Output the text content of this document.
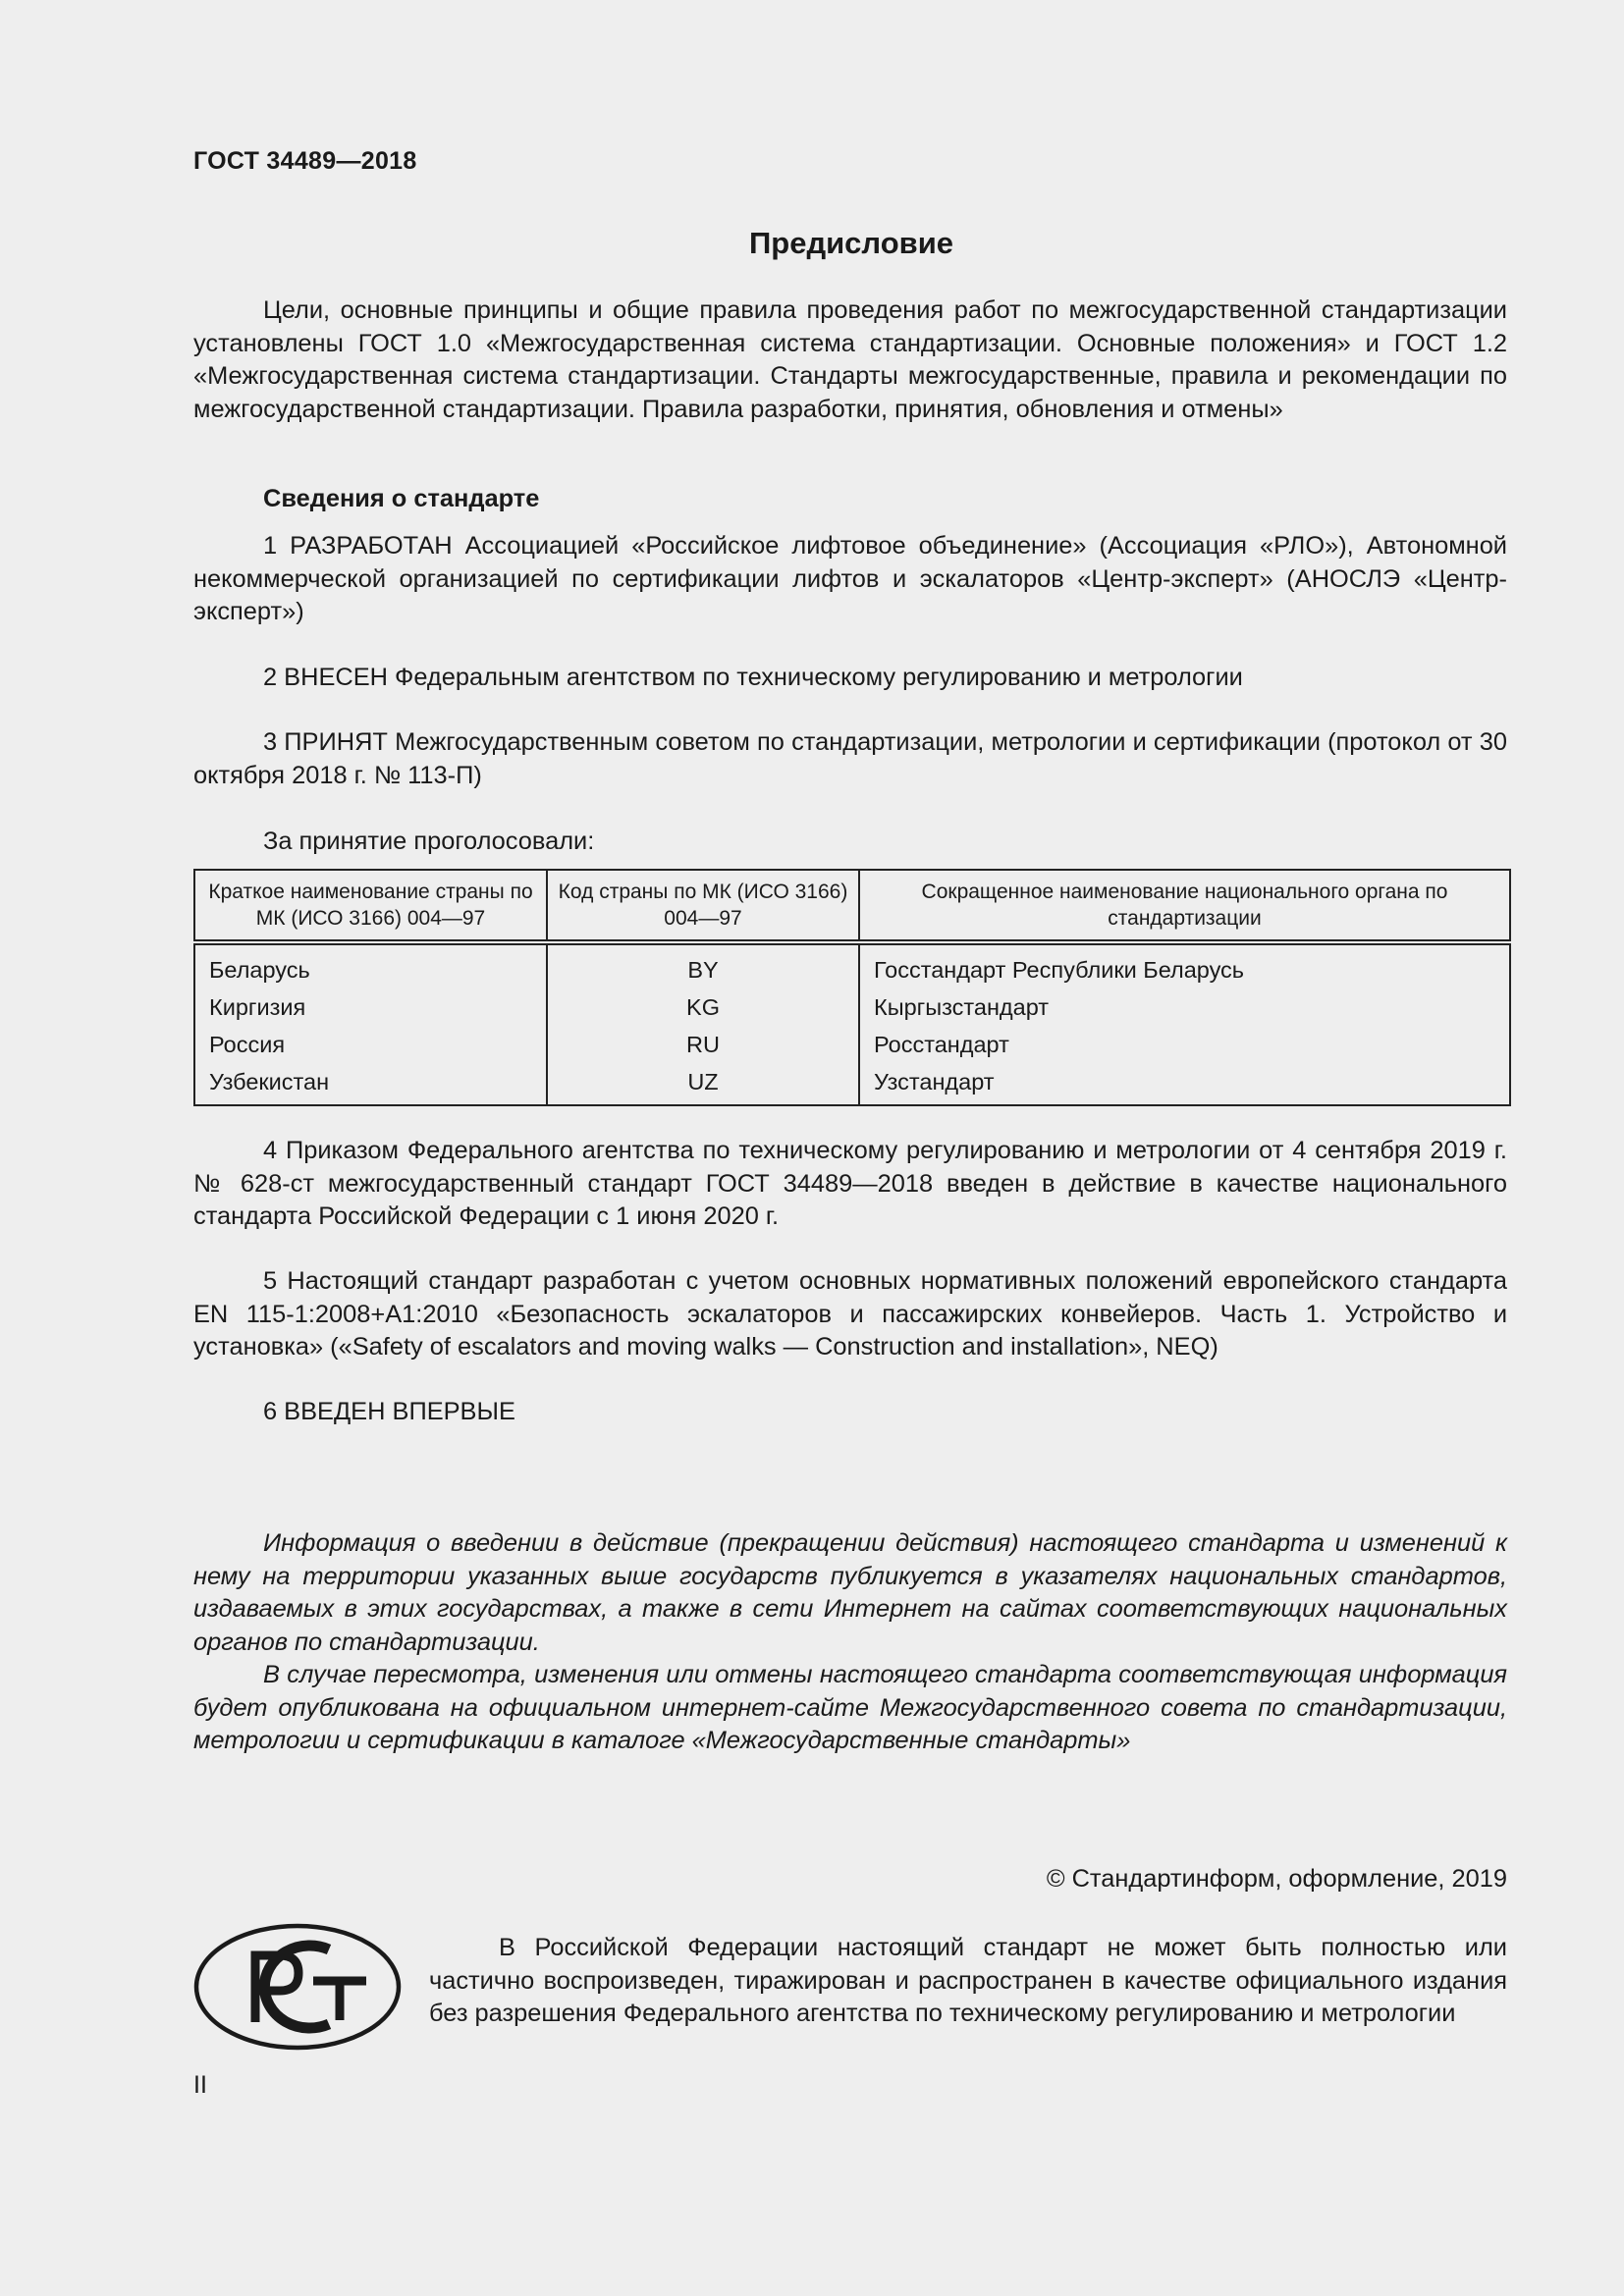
ГОСТ 34489—2018
Предисловие

Цели, основные принципы и общие правила проведения работ по межгосударственной стандартизации установлены ГОСТ 1.0 «Межгосударственная система стандартизации. Основные положения» и ГОСТ 1.2 «Межгосударственная система стандартизации. Стандарты межгосударственные, правила и рекомендации по межгосударственной стандартизации. Правила разработки, принятия, обновления и отмены»

Сведения о стандарте

1 РАЗРАБОТАН Ассоциацией «Российское лифтовое объединение» (Ассоциация «РЛО»), Автономной некоммерческой организацией по сертификации лифтов и эскалаторов «Центр-эксперт» (АНОСЛЭ «Центр-эксперт»)

2 ВНЕСЕН Федеральным агентством по техническому регулированию и метрологии

3 ПРИНЯТ Межгосударственным советом по стандартизации, метрологии и сертификации (протокол от 30 октября 2018 г. № 113-П)

За принятие проголосовали:
Краткое наименование страны по МК (ИСО 3166) 004—97	Код страны по МК (ИСО 3166) 004—97	Сокращенное наименование национального органа по стандартизации
Беларусь	BY	Госстандарт Республики Беларусь
Киргизия	KG	Кыргызстандарт
Россия	RU	Росстандарт
Узбекистан	UZ	Узстандарт

4 Приказом Федерального агентства по техническому регулированию и метрологии от 4 сентября 2019 г. № 628-ст межгосударственный стандарт ГОСТ 34489—2018 введен в действие в качестве национального стандарта Российской Федерации с 1 июня 2020 г.

5 Настоящий стандарт разработан с учетом основных нормативных положений европейского стандарта EN 115-1:2008+A1:2010 «Безопасность эскалаторов и пассажирских конвейеров. Часть 1. Устройство и установка» («Safety of escalators and moving walks — Construction and installation», NEQ)

6 ВВЕДЕН ВПЕРВЫЕ

Информация о введении в действие (прекращении действия) настоящего стандарта и изменений к нему на территории указанных выше государств публикуется в указателях национальных стандартов, издаваемых в этих государствах, а также в сети Интернет на сайтах соответствующих национальных органов по стандартизации.

В случае пересмотра, изменения или отмены настоящего стандарта соответствующая информация будет опубликована на официальном интернет-сайте Межгосударственного совета по стандартизации, метрологии и сертификации в каталоге «Межгосударственные стандарты»

© Стандартинформ, оформление, 2019

В Российской Федерации настоящий стандарт не может быть полностью или частично воспроизведен, тиражирован и распространен в качестве официального издания без разрешения Федерального агентства по техническому регулированию и метрологии

II
